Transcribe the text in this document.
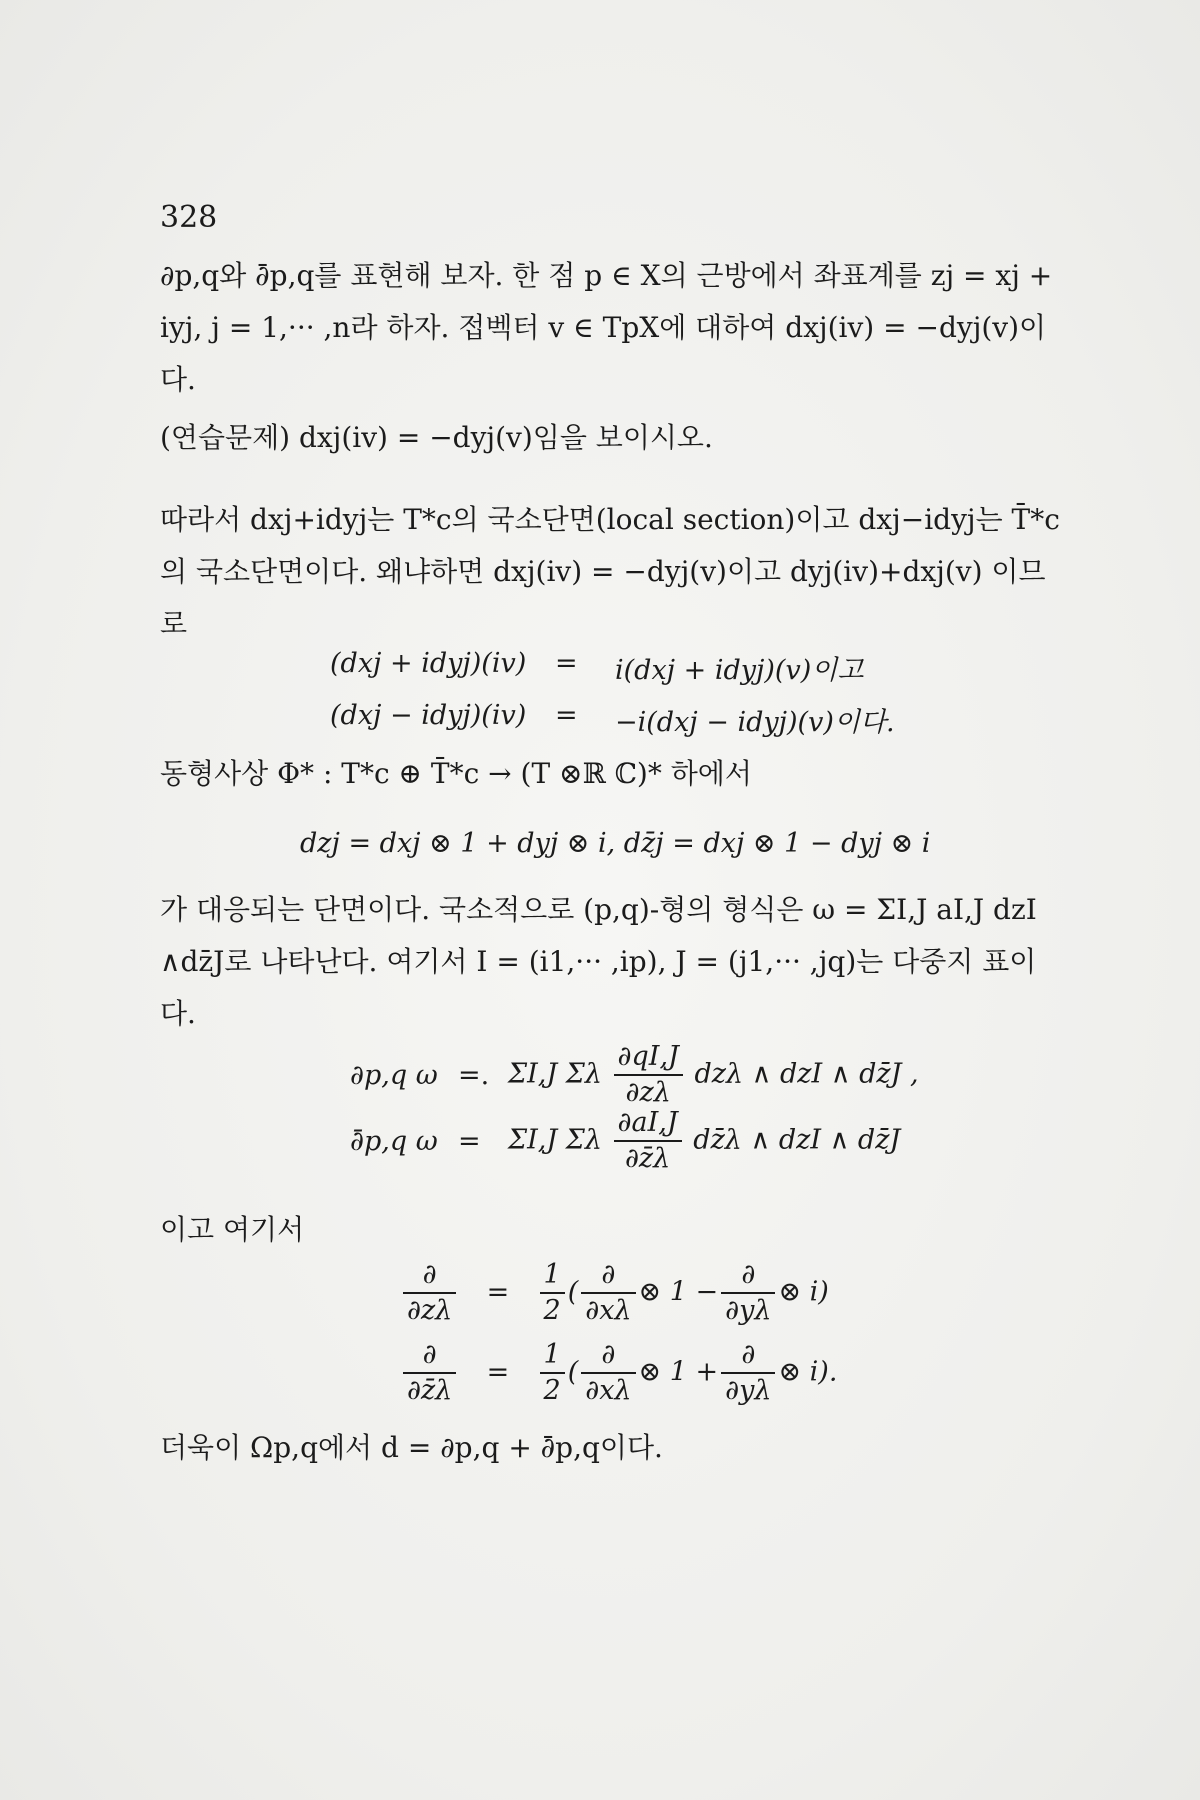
328
∂p,q와 ∂̄p,q를 표현해 보자. 한 점 p ∈ X의 근방에서 좌표계를 zj = xj + iyj, j = 1,··· ,n라 하자. 접벡터 v ∈ TpX에 대하여 dxj(iv) = −dyj(v)이다.
(연습문제) dxj(iv) = −dyj(v)임을 보이시오.
따라서 dxj+idyj는 T*c의 국소단면(local section)이고 dxj−idyj는 T̄*c의 국소단면이다. 왜냐하면 dxj(iv) = −dyj(v)이고 dyj(iv)+dxj(v) 이므로
(dxj + idyj)(iv) = i(dxj + idyj)(v)이고
(dxj − idyj)(iv) = −i(dxj − idyj)(v)이다.
동형사상 Φ* : T*c ⊕ T̄*c → (T ⊗ℝ ℂ)* 하에서
dzj = dxj ⊗ 1 + dyj ⊗ i, dz̄j = dxj ⊗ 1 − dyj ⊗ i
가 대응되는 단면이다. 국소적으로 (p,q)-형의 형식은 ω = ΣI,J aI,J dzI ∧dz̄J로 나타난다. 여기서 I = (i1,··· ,ip), J = (j1,··· ,jq)는 다중지 표이다.
∂p,q ω =. ΣI,J Σλ $\frac{\partial qI,J}{\partial z\lambda}$ dzλ ∧ dzI ∧ dz̄J ,
∂̄p,q ω = ΣI,J Σλ $\frac{\partial aI,J}{\partial z̄\lambda}$ dz̄λ ∧ dzI ∧ dz̄J
이고 여기서
$\frac{\partial}{\partial z\lambda} = \frac{1}{2}$ ( $\frac{\partial}{\partial x\lambda}$ ⊗ $1 - \frac{\partial}{\partial y\lambda}$ ⊗ i)
$\frac{\partial}{\partial z̄\lambda} = \frac{1}{2}$ ( $\frac{\partial}{\partial x\lambda}$ ⊗ $1 + \frac{\partial}{\partial y\lambda}$ ⊗ i).
더욱이 Ωp,q에서 d = ∂p,q + ∂̄p,q이다.
